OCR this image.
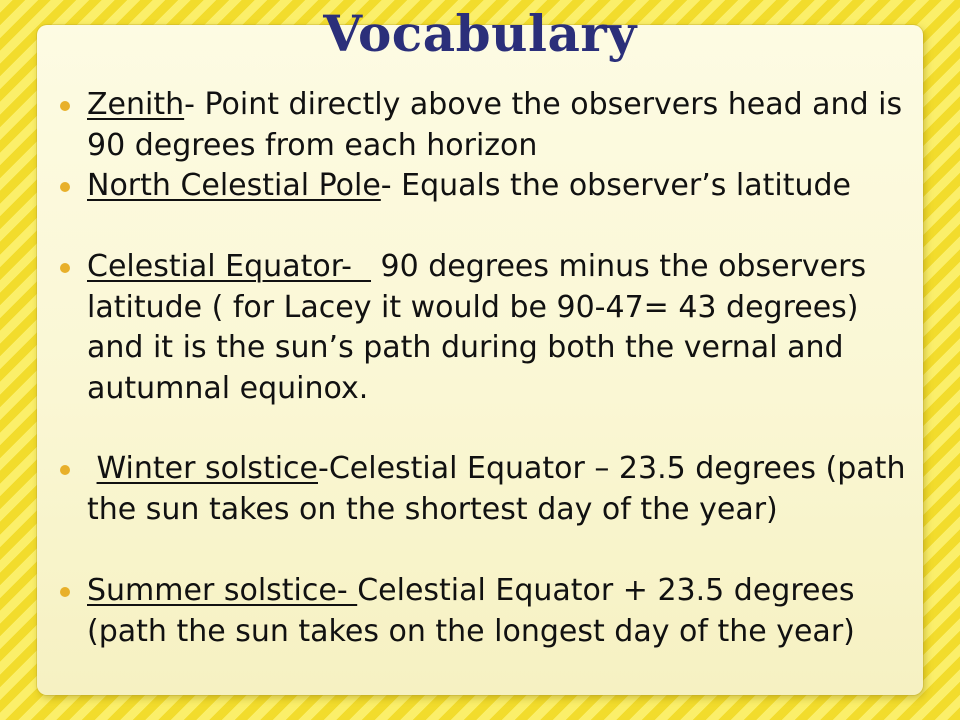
Vocabulary
Zenith- Point directly above the observers head and is 90 degrees from each horizon
North Celestial Pole- Equals the observer’s latitude
Celestial Equator-   90 degrees minus the observers latitude ( for Lacey it would be 90-47= 43 degrees) and it is the sun’s path during both the vernal and autumnal equinox.
Winter solstice-Celestial Equator – 23.5 degrees (path the sun takes on the shortest day of the year)
Summer solstice- Celestial Equator + 23.5 degrees (path the sun takes on the longest day of the year)
